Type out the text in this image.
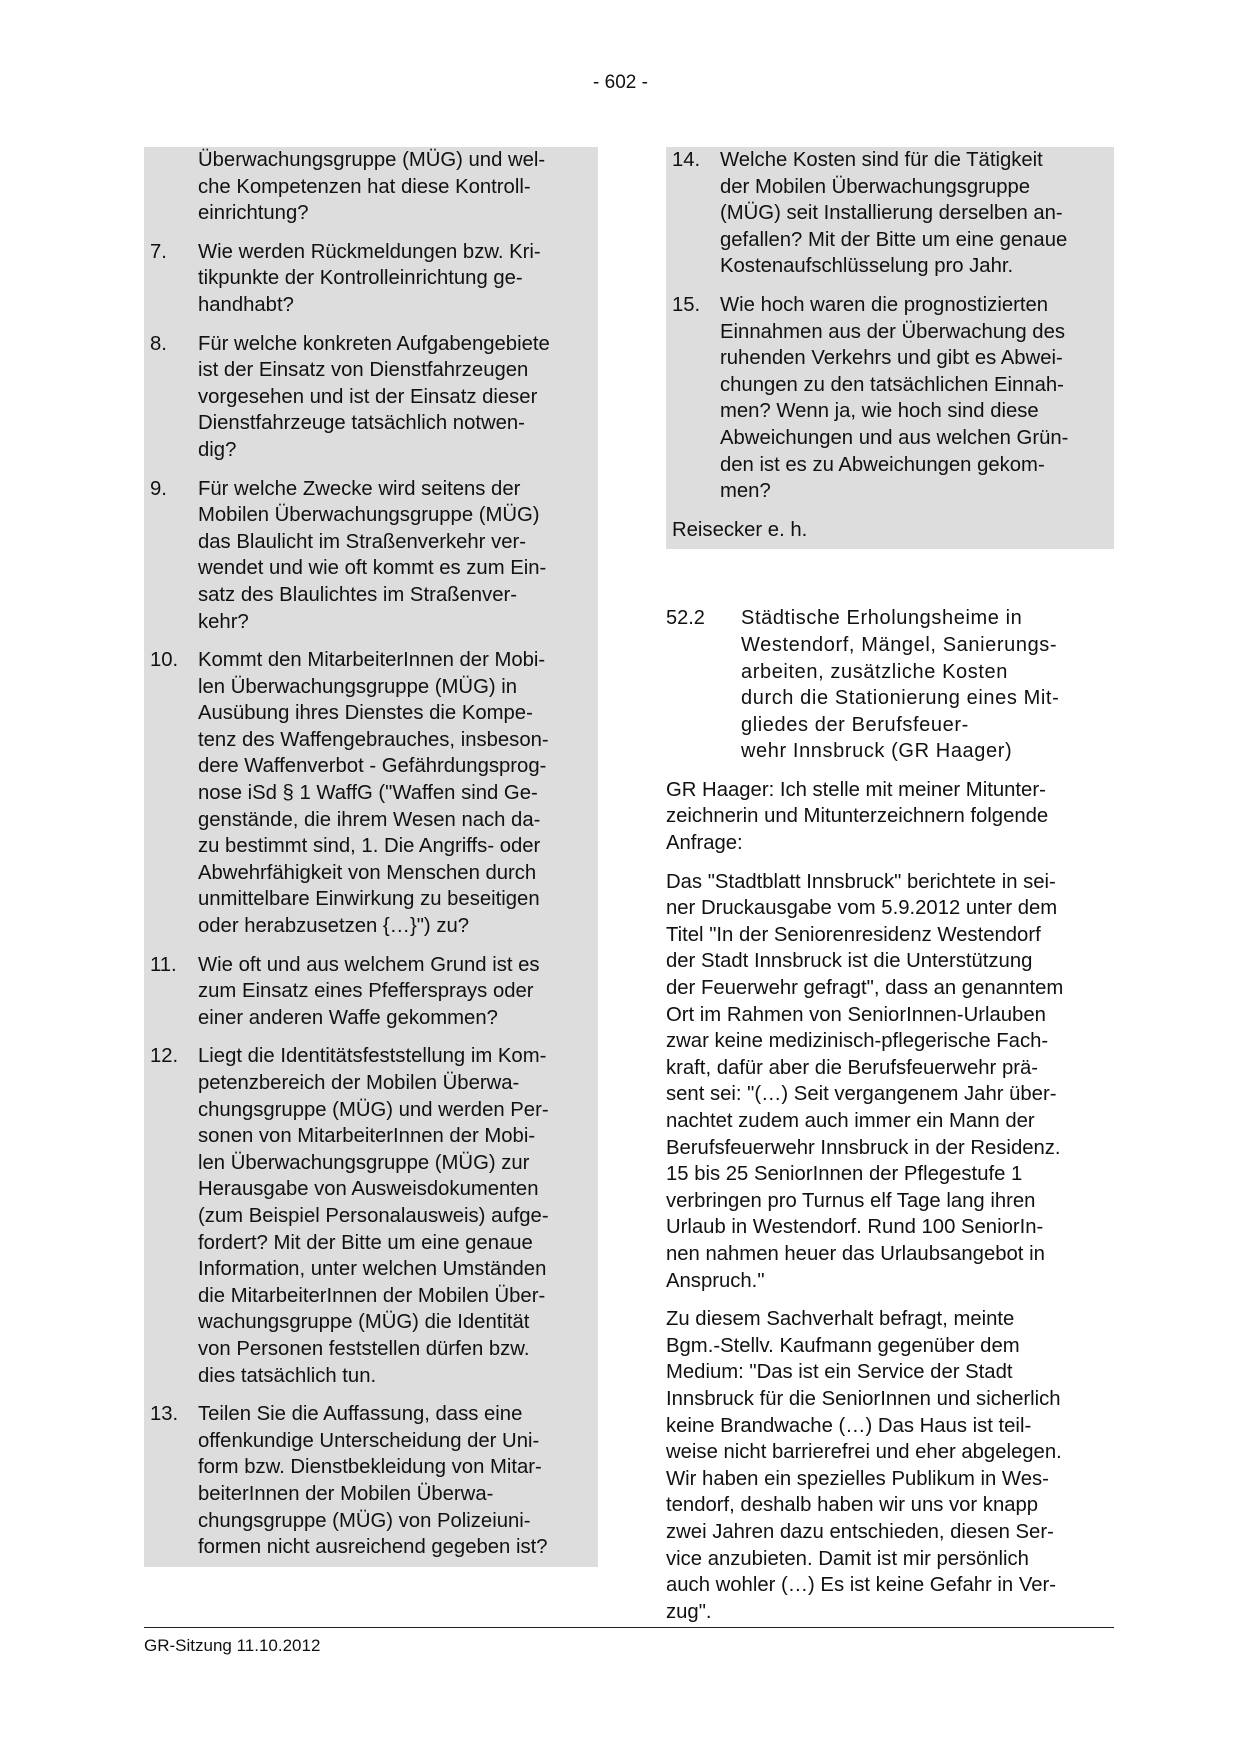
- 602 -
Überwachungsgruppe (MÜG) und wel-
che Kompetenzen hat diese Kontroll-
einrichtung?
7.	Wie werden Rückmeldungen bzw. Kri-
tikpunkte der Kontrolleinrichtung ge-
handhabt?
8.	Für welche konkreten Aufgabengebiete
ist der Einsatz von Dienstfahrzeugen
vorgesehen und ist der Einsatz dieser
Dienstfahrzeuge tatsächlich notwen-
dig?
9.	Für welche Zwecke wird seitens der
Mobilen Überwachungsgruppe (MÜG)
das Blaulicht im Straßenverkehr ver-
wendet und wie oft kommt es zum Ein-
satz des Blaulichtes im Straßenver-
kehr?
10. Kommt den MitarbeiterInnen der Mobi-
len Überwachungsgruppe (MÜG) in
Ausübung ihres Dienstes die Kompe-
tenz des Waffengebrauches, insbeson-
dere Waffenverbot - Gefährdungsprog-
nose iSd § 1 WaffG ("Waffen sind Ge-
genstände, die ihrem Wesen nach da-
zu bestimmt sind, 1. Die Angriffs- oder
Abwehrfähigkeit von Menschen durch
unmittelbare Einwirkung zu beseitigen
oder herabzusetzen {…}") zu?
11.	Wie oft und aus welchem Grund ist es
zum Einsatz eines Pfeffersprays oder
einer anderen Waffe gekommen?
12. Liegt die Identitätsfeststellung im Kom-
petenzbereich der Mobilen Überwa-
chungsgruppe (MÜG) und werden Per-
sonen von MitarbeiterInnen der Mobi-
len Überwachungsgruppe (MÜG) zur
Herausgabe von Ausweisdokumenten
(zum Beispiel Personalausweis) aufge-
fordert? Mit der Bitte um eine genaue
Information, unter welchen Umständen
die MitarbeiterInnen der Mobilen Über-
wachungsgruppe (MÜG) die Identität
von Personen feststellen dürfen bzw.
dies tatsächlich tun.
13. Teilen Sie die Auffassung, dass eine
offenkundige Unterscheidung der Uni-
form bzw. Dienstbekleidung von Mitar-
beiterInnen der Mobilen Überwa-
chungsgruppe (MÜG) von Polizeiuni-
formen nicht ausreichend gegeben ist?
14. Welche Kosten sind für die Tätigkeit
der Mobilen Überwachungsgruppe
(MÜG) seit Installierung derselben an-
gefallen? Mit der Bitte um eine genaue
Kostenaufschlüsselung pro Jahr.
15. Wie hoch waren die prognostizierten
Einnahmen aus der Überwachung des
ruhenden Verkehrs und gibt es Abwei-
chungen zu den tatsächlichen Einnah-
men? Wenn ja, wie hoch sind diese
Abweichungen und aus welchen Grün-
den ist es zu Abweichungen gekom-
men?
Reisecker e. h.
52.2	Städtische Erholungsheime in
Westendorf, Mängel, Sanierungs-
arbeiten, zusätzliche Kosten
durch die Stationierung eines Mit-
gliedes der Berufsfeuer-
wehr Innsbruck (GR Haager)
GR Haager: Ich stelle mit meiner Mitunter-
zeichnerin und Mitunterzeichnern folgende
Anfrage:
Das "Stadtblatt Innsbruck" berichtete in sei-
ner Druckausgabe vom 5.9.2012 unter dem
Titel "In der Seniorenresidenz Westendorf
der Stadt Innsbruck ist die Unterstützung
der Feuerwehr gefragt", dass an genanntem
Ort im Rahmen von SeniorInnen-Urlauben
zwar keine medizinisch-pflegerische Fach-
kraft, dafür aber die Berufsfeuerwehr prä-
sent sei: "(…) Seit vergangenem Jahr über-
nachtet zudem auch immer ein Mann der
Berufsfeuerwehr Innsbruck in der Residenz.
15 bis 25 SeniorInnen der Pflegestufe 1
verbringen pro Turnus elf Tage lang ihren
Urlaub in Westendorf. Rund 100 SeniorIn-
nen nahmen heuer das Urlaubsangebot in
Anspruch."
Zu diesem Sachverhalt befragt, meinte
Bgm.-Stellv. Kaufmann gegenüber dem
Medium: "Das ist ein Service der Stadt
Innsbruck für die SeniorInnen und sicherlich
keine Brandwache (…) Das Haus ist teil-
weise nicht barrierefrei und eher abgelegen.
Wir haben ein spezielles Publikum in Wes-
tendorf, deshalb haben wir uns vor knapp
zwei Jahren dazu entschieden, diesen Ser-
vice anzubieten. Damit ist mir persönlich
auch wohler (…) Es ist keine Gefahr in Ver-
zug".
GR-Sitzung 11.10.2012
